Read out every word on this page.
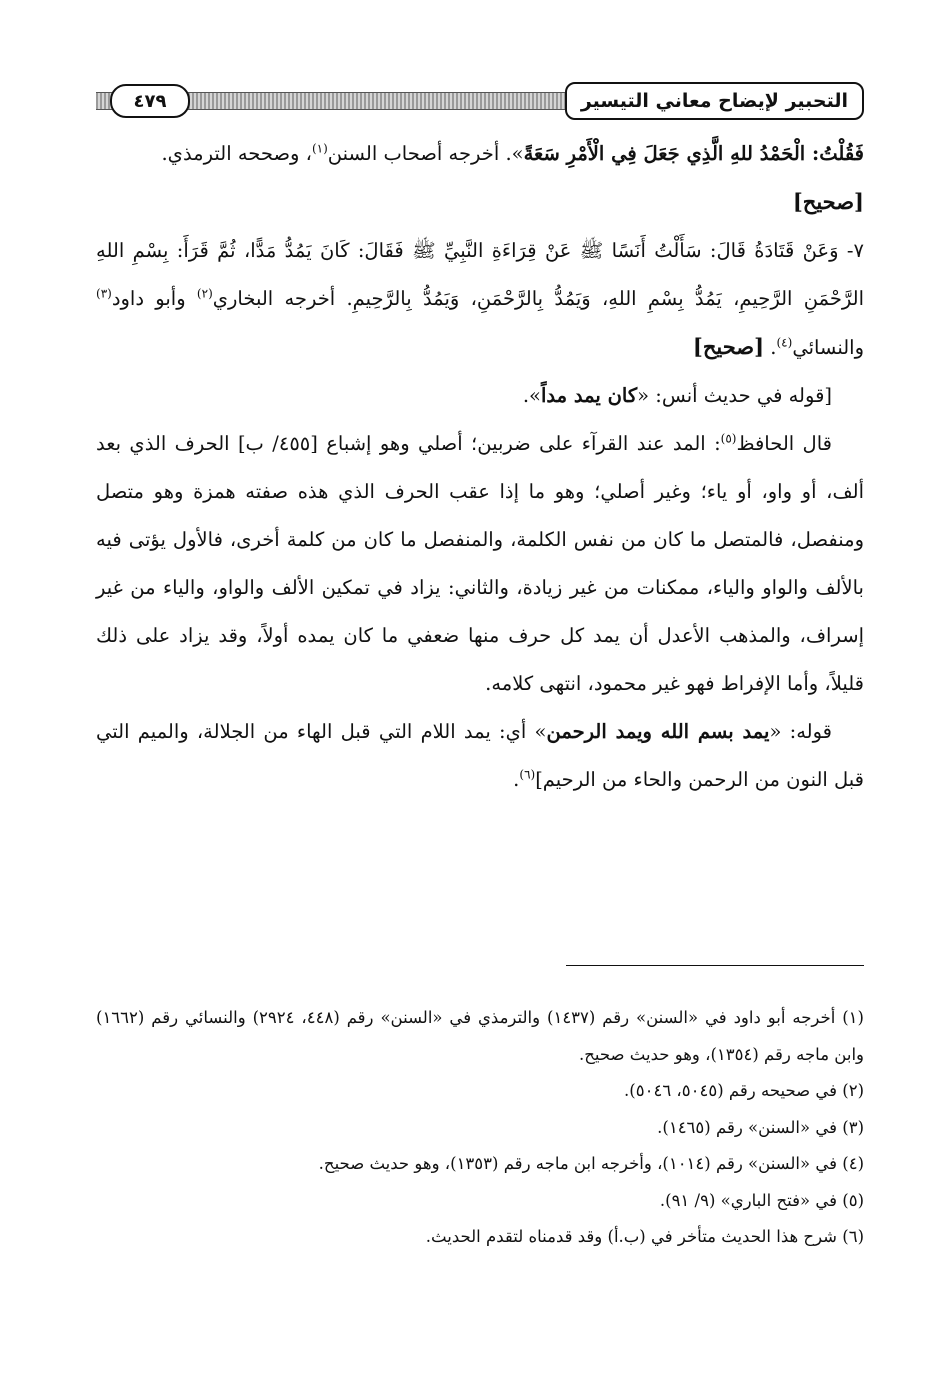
التحبير لإيضاح معاني التيسير
٤٧٩

فَقُلْتُ: الْحَمْدُ للهِ الَّذِي جَعَلَ فِي الْأَمْرِ سَعَةً». أخرجه أصحاب السنن$^{(١)}$، وصححه الترمذي.

[صحيح]

٧- وَعَنْ قَتَادَةُ قَالَ: سَأَلْتُ أَنَسًا ﷺ عَنْ قِرَاءَةِ النَّبِيِّ ﷺ فَقَالَ: كَانَ يَمُدُّ مَدًّا، ثُمَّ قَرَأَ: بِسْمِ اللهِ الرَّحْمَنِ الرَّحِيمِ، يَمُدُّ بِسْمِ اللهِ، وَيَمُدُّ بِالرَّحْمَنِ، وَيَمُدُّ بِالرَّحِيمِ. أخرجه البخاري$^{(٢)}$ وأبو داود$^{(٣)}$ والنسائي$^{(٤)}$. [صحيح]

[قوله في حديث أنس: «كان يمد مداً».

قال الحافظ$^{(٥)}$: المد عند القرآء على ضربين؛ أصلي وهو إشباع [٤٥٥/ ب] الحرف الذي بعد ألف، أو واو، أو ياء؛ وغير أصلي؛ وهو ما إذا عقب الحرف الذي هذه صفته همزة وهو متصل ومنفصل، فالمتصل ما كان من نفس الكلمة، والمنفصل ما كان من كلمة أخرى، فالأول يؤتى فيه بالألف والواو والياء، ممكنات من غير زيادة، والثاني: يزاد في تمكين الألف والواو، والياء من غير إسراف، والمذهب الأعدل أن يمد كل حرف منها ضعفي ما كان يمده أولاً، وقد يزاد على ذلك قليلاً، وأما الإفراط فهو غير محمود، انتهى كلامه.

قوله: «يمد بسم الله ويمد الرحمن» أي: يمد اللام التي قبل الهاء من الجلالة، والميم التي قبل النون من الرحمن والحاء من الرحيم]$^{(٦)}$.

(١) أخرجه أبو داود في «السنن» رقم (١٤٣٧) والترمذي في «السنن» رقم (٤٤٨، ٢٩٢٤) والنسائي رقم (١٦٦٢) وابن ماجه رقم (١٣٥٤)، وهو حديث صحيح.

(٢) في صحيحه رقم (٥٠٤٥، ٥٠٤٦).

(٣) في «السنن» رقم (١٤٦٥).

(٤) في «السنن» رقم (١٠١٤)، وأخرجه ابن ماجه رقم (١٣٥٣)، وهو حديث صحيح.

(٥) في «فتح الباري» (٩/ ٩١).

(٦) شرح هذا الحديث متأخر في (ب.أ) وقد قدمناه لتقدم الحديث.
